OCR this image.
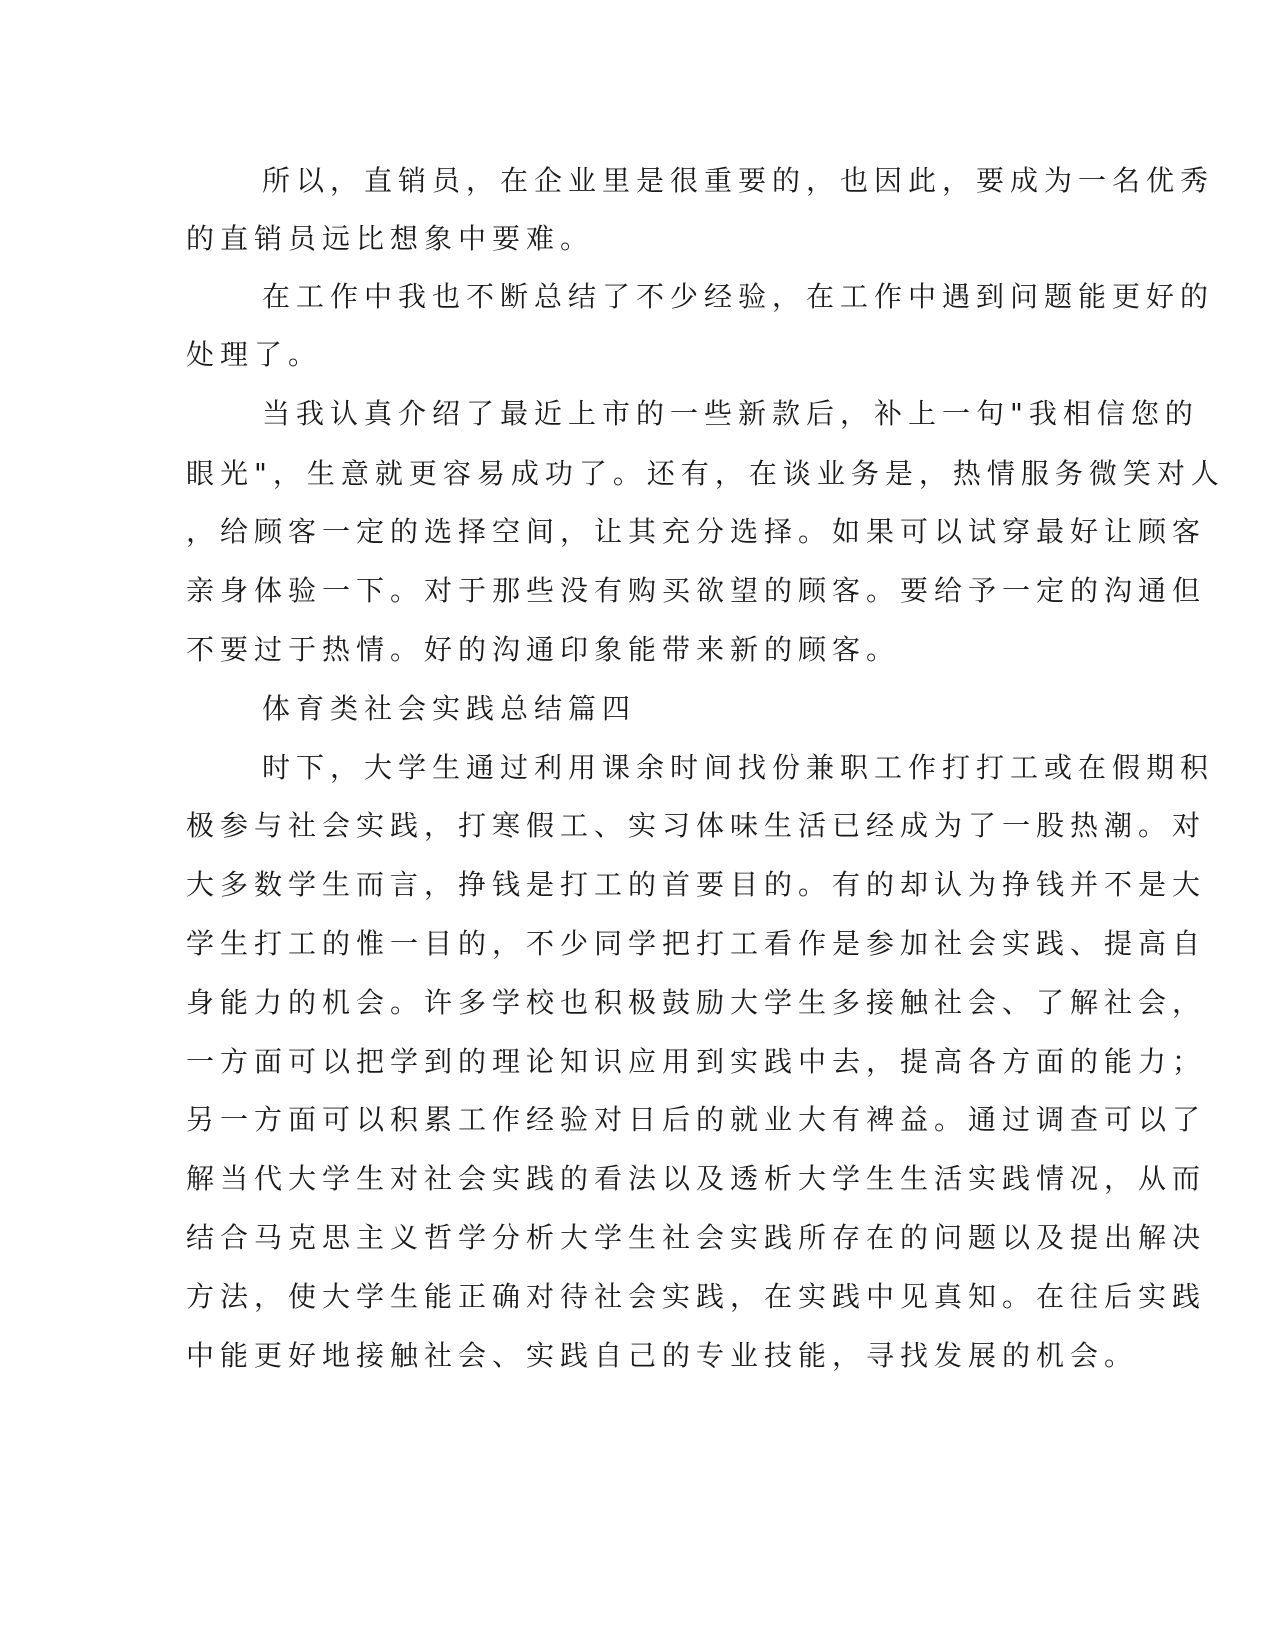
所以，直销员，在企业里是很重要的，也因此，要成为一名优秀
的直销员远比想象中要难。
在工作中我也不断总结了不少经验，在工作中遇到问题能更好的
处理了。
当我认真介绍了最近上市的一些新款后，补上一句"我相信您的
眼光"，生意就更容易成功了。还有，在谈业务是，热情服务微笑对人
，给顾客一定的选择空间，让其充分选择。如果可以试穿最好让顾客
亲身体验一下。对于那些没有购买欲望的顾客。要给予一定的沟通但
不要过于热情。好的沟通印象能带来新的顾客。
体育类社会实践总结篇四
时下，大学生通过利用课余时间找份兼职工作打打工或在假期积
极参与社会实践，打寒假工、实习体味生活已经成为了一股热潮。对
大多数学生而言，挣钱是打工的首要目的。有的却认为挣钱并不是大
学生打工的惟一目的，不少同学把打工看作是参加社会实践、提高自
身能力的机会。许多学校也积极鼓励大学生多接触社会、了解社会，
一方面可以把学到的理论知识应用到实践中去，提高各方面的能力；
另一方面可以积累工作经验对日后的就业大有裨益。通过调查可以了
解当代大学生对社会实践的看法以及透析大学生生活实践情况，从而
结合马克思主义哲学分析大学生社会实践所存在的问题以及提出解决
方法，使大学生能正确对待社会实践，在实践中见真知。在往后实践
中能更好地接触社会、实践自己的专业技能，寻找发展的机会。
